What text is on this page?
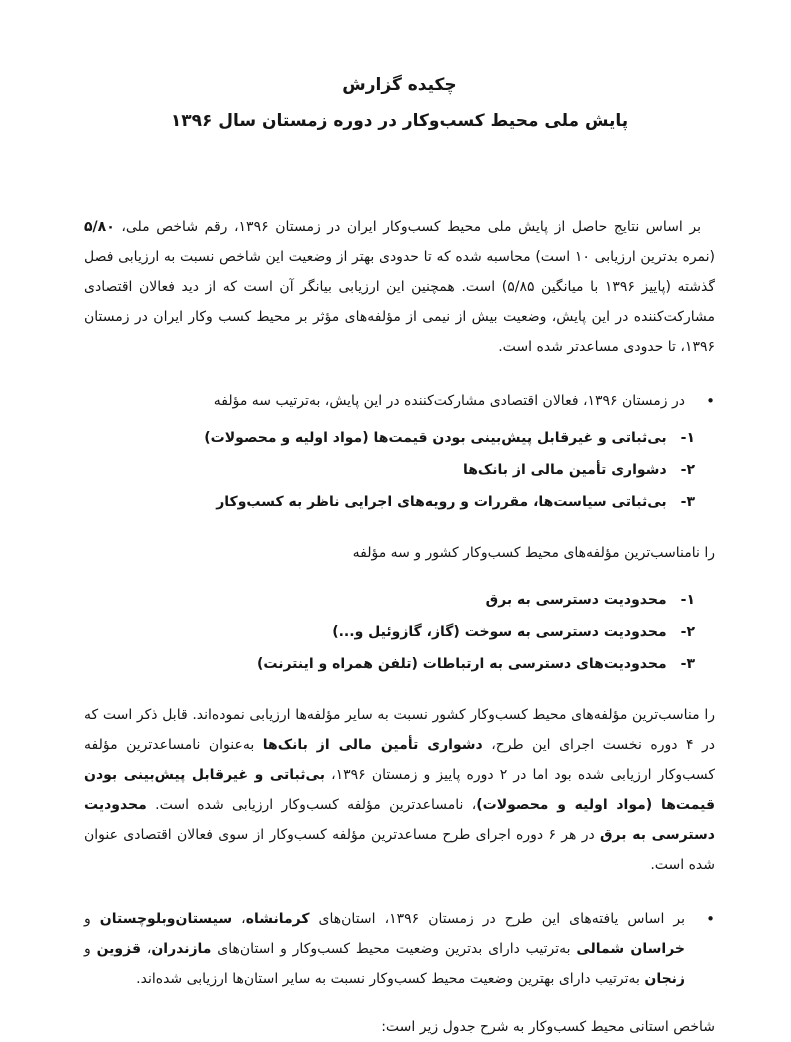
چکیده گزارش

پایش ملی محیط کسب‌وکار در دوره زمستان سال ۱۳۹۶

بر اساس نتایج حاصل از پایش ملی محیط کسب‌وکار ایران در زمستان ۱۳۹۶، رقم شاخص ملی، ۵/۸۰ (نمره بدترین ارزیابی ۱۰ است) محاسبه شده که تا حدودی بهتر از وضعیت این شاخص نسبت به ارزیابی فصل گذشته (پاییز ۱۳۹۶ با میانگین ۵/۸۵) است. همچنین این ارزیابی بیانگر آن است که از دید فعالان اقتصادی مشارکت‌کننده در این پایش، وضعیت بیش از نیمی از مؤلفه‌های مؤثر بر محیط کسب وکار ایران در زمستان ۱۳۹۶، تا حدودی مساعدتر شده است.

•
در زمستان ۱۳۹۶، فعالان اقتصادی مشارکت‌کننده در این پایش، به‌ترتیب سه مؤلفه
۱-
بی‌ثباتی و غیرقابل پیش‌بینی بودن قیمت‌ها (مواد اولیه و محصولات)
۲-
دشواری تأمین مالی از بانک‌ها
۳-
بی‌ثباتی سیاست‌ها، مقررات و رویه‌های اجرایی ناظر به کسب‌وکار

را نامناسب‌ترین مؤلفه‌های محیط کسب‌وکار کشور و سه مؤلفه

۱-
محدودیت دسترسی به برق
۲-
محدودیت دسترسی به سوخت (گاز، گازوئیل و...)
۳-
محدودیت‌های دسترسی به ارتباطات (تلفن همراه و اینترنت)

را مناسب‌ترین مؤلفه‌های محیط کسب‌وکار کشور نسبت به سایر مؤلفه‌ها ارزیابی نموده‌اند. قابل ذکر است که در ۴ دوره نخست اجرای این طرح، دشواری تأمین مالی از بانک‌ها به‌عنوان نامساعدترین مؤلفه کسب‌وکار ارزیابی شده بود اما در ۲ دوره پاییز و زمستان ۱۳۹۶، بی‌ثباتی و غیرقابل پیش‌بینی بودن قیمت‌ها (مواد اولیه و محصولات)، نامساعدترین مؤلفه کسب‌وکار ارزیابی شده است. محدودیت دسترسی به برق در هر ۶ دوره اجرای طرح مساعدترین مؤلفه کسب‌وکار از سوی فعالان اقتصادی عنوان شده است.

•
بر اساس یافته‌های این طرح در زمستان ۱۳۹۶، استان‌های کرمانشاه، سیستان‌وبلوچستان و خراسان شمالی به‌ترتیب دارای بدترین وضعیت محیط کسب‌وکار و استان‌های مازندران، قزوین و زنجان به‌ترتیب دارای بهترین وضعیت محیط کسب‌وکار نسبت به سایر استان‌ها ارزیابی شده‌اند.

شاخص استانی محیط کسب‌وکار به شرح جدول زیر است:
